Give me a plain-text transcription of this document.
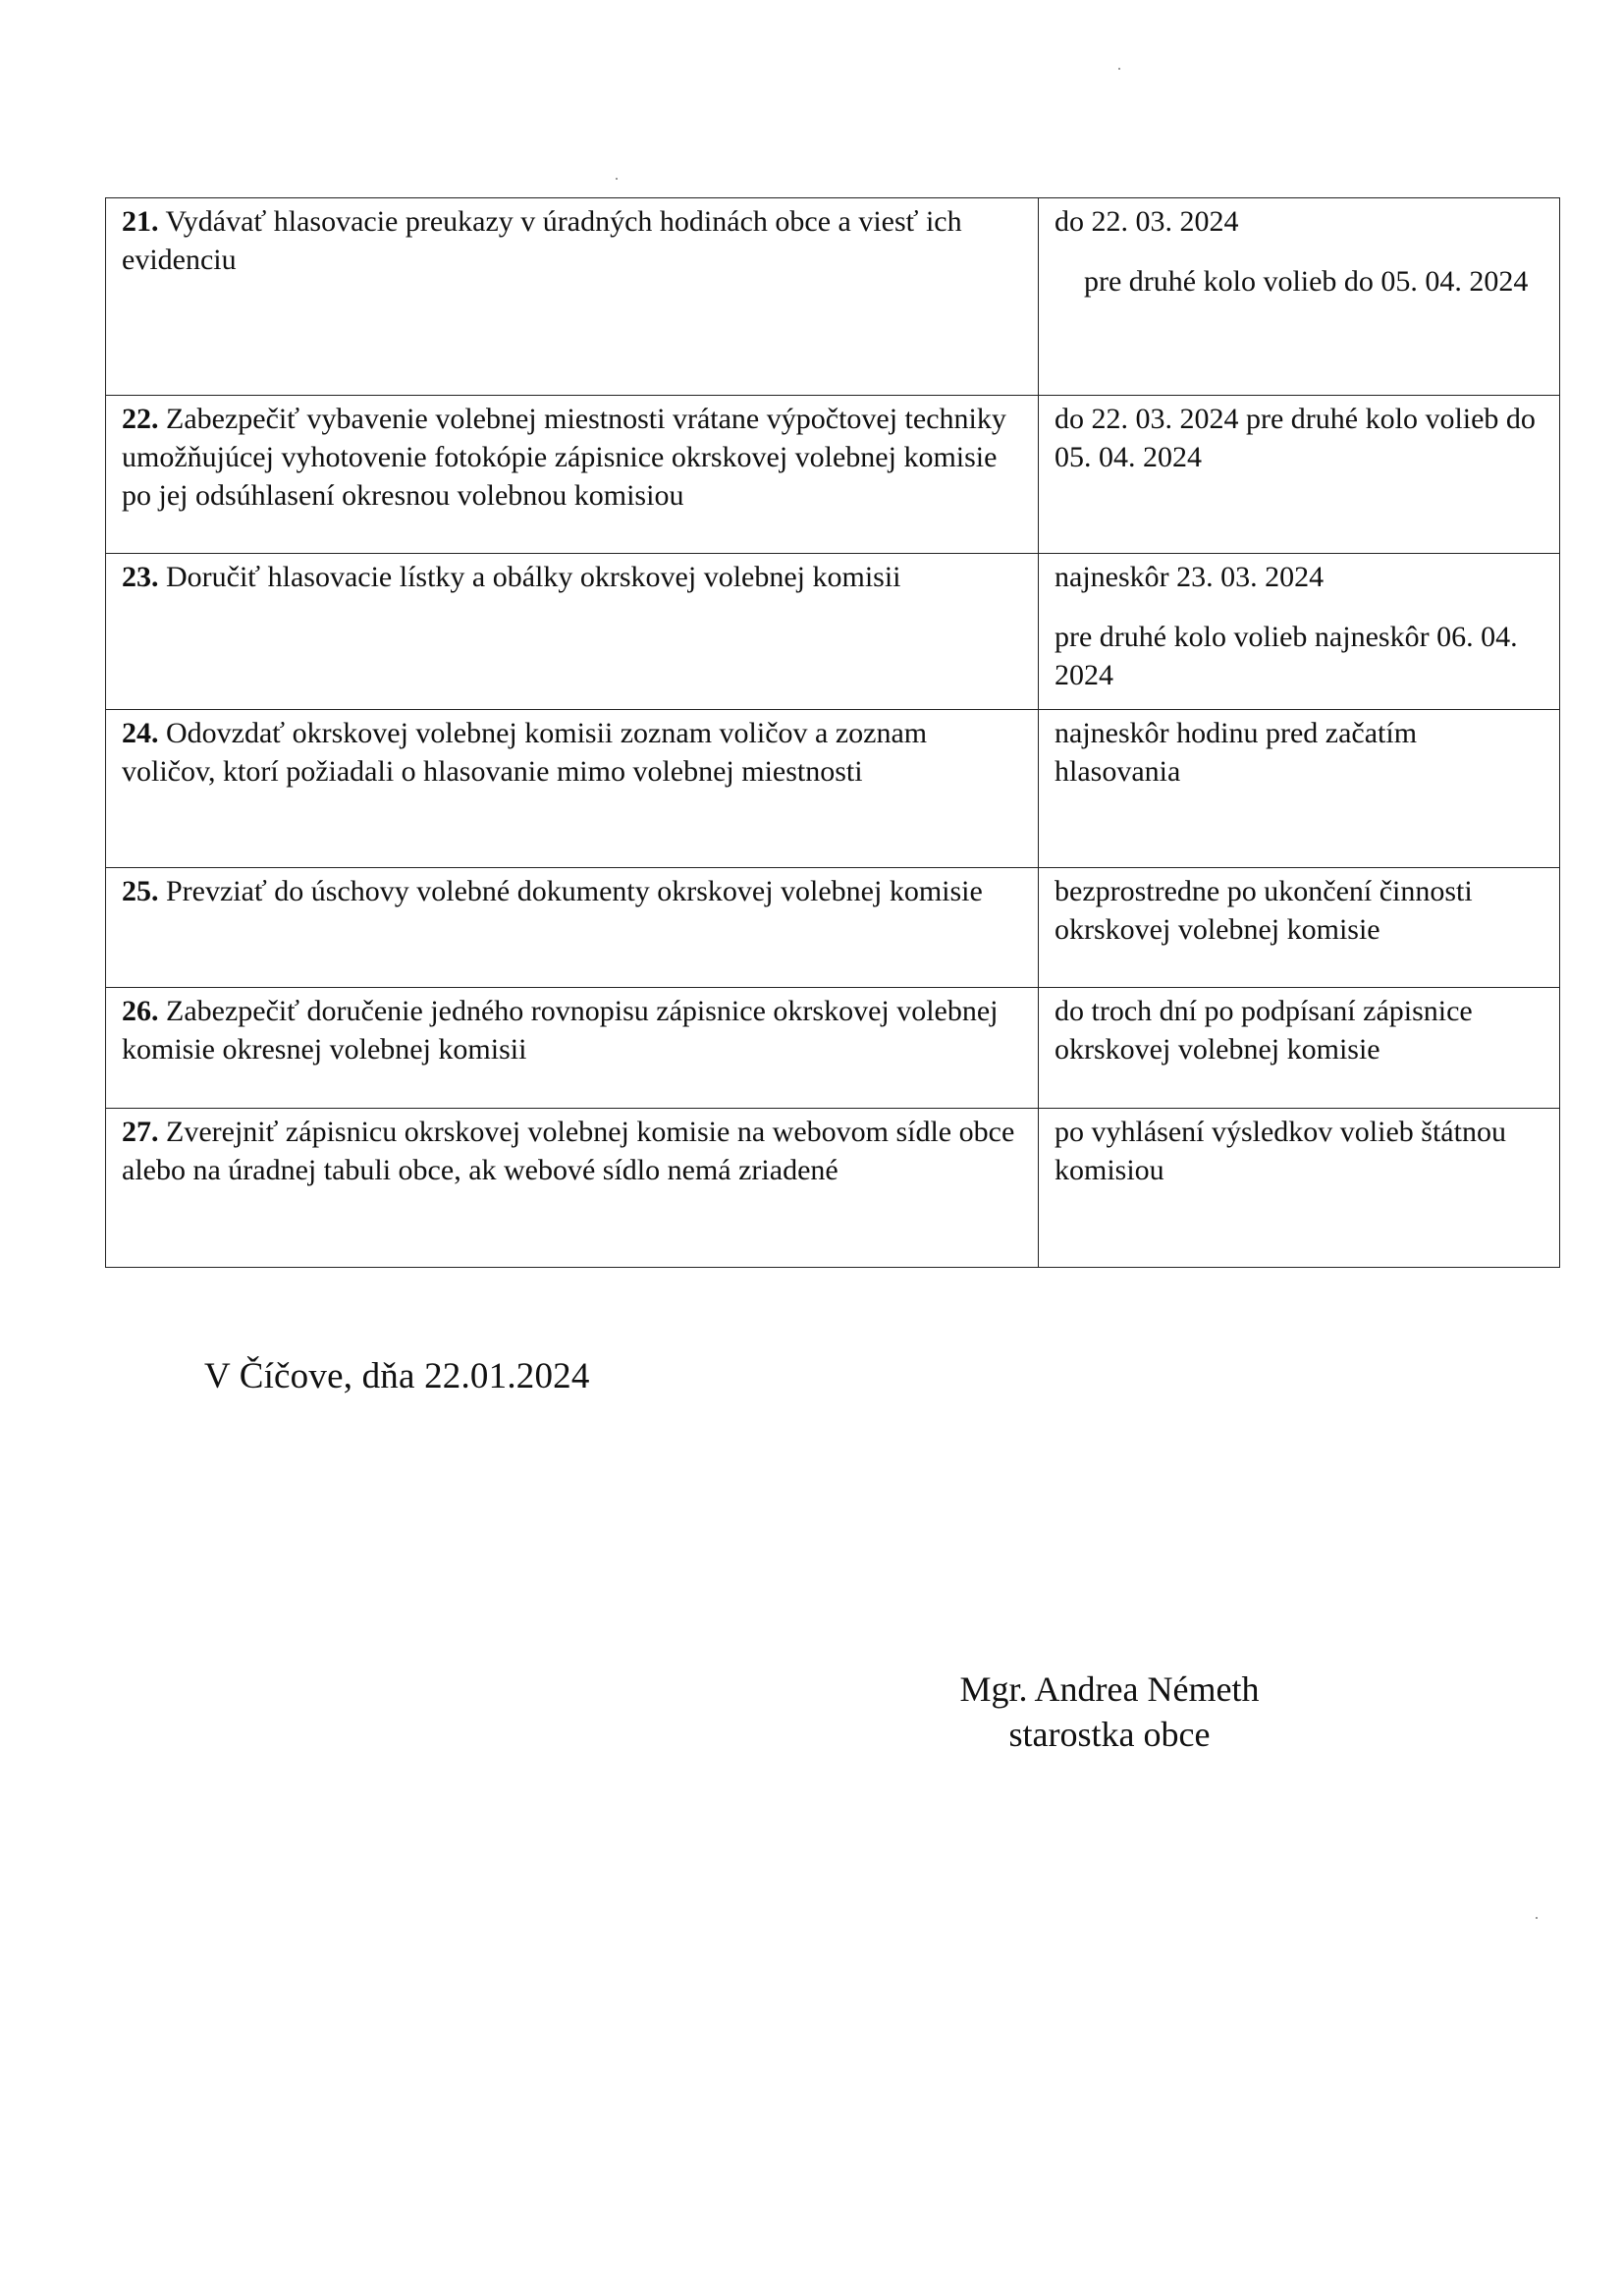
21. Vydávať hlasovacie preukazy v úradných hodinách obce a viesť ich evidenciu	do 22. 03. 2024
pre druhé kolo volieb do 05. 04. 2024

22. Zabezpečiť vybavenie volebnej miestnosti vrátane výpočtovej techniky umožňujúcej vyhotovenie fotokópie zápisnice okrskovej volebnej komisie po jej odsúhlasení okresnou volebnou komisiou	do 22. 03. 2024 pre druhé kolo volieb do 05. 04. 2024

23. Doručiť hlasovacie lístky a obálky okrskovej volebnej komisii	najneskôr 23. 03. 2024
pre druhé kolo volieb najneskôr 06. 04. 2024

24. Odovzdať okrskovej volebnej komisii zoznam voličov a zoznam voličov, ktorí požiadali o hlasovanie mimo volebnej miestnosti	najneskôr hodinu pred začatím hlasovania

25. Prevziať do úschovy volebné dokumenty okrskovej volebnej komisie	bezprostredne po ukončení činnosti okrskovej volebnej komisie

26. Zabezpečiť doručenie jedného rovnopisu zápisnice okrskovej volebnej komisie okresnej volebnej komisii	do troch dní po podpísaní zápisnice okrskovej volebnej komisie

27. Zverejniť zápisnicu okrskovej volebnej komisie na webovom sídle obce alebo na úradnej tabuli obce, ak webové sídlo nemá zriadené	po vyhlásení výsledkov volieb štátnou komisiou
V Číčove, dňa 22.01.2024
Mgr. Andrea Németh
starostka obce
